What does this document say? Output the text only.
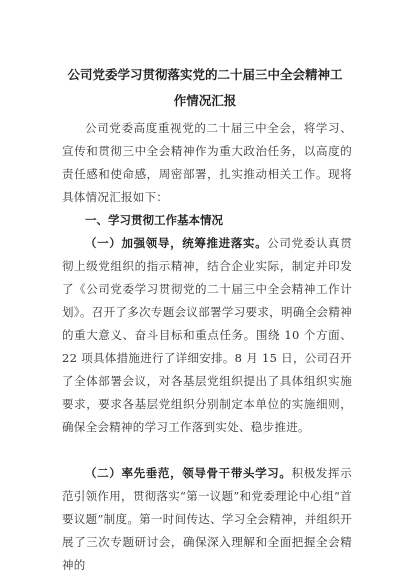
公司党委学习贯彻落实党的二十届三中全会精神工作情况汇报
公司党委高度重视党的二十届三中全会，将学习、宣传和贯彻三中全会精神作为重大政治任务，以高度的责任感和使命感，周密部署，扎实推动相关工作。现将具体情况汇报如下：
一、学习贯彻工作基本情况
（一）加强领导，统筹推进落实。公司党委认真贯彻上级党组织的指示精神，结合企业实际，制定并印发了《公司党委学习贯彻党的二十届三中全会精神工作计划》。召开了多次专题会议部署学习要求，明确全会精神的重大意义、奋斗目标和重点任务。围绕 10 个方面、22 项具体措施进行了详细安排。8 月 15 日，公司召开了全体部署会议，对各基层党组织提出了具体组织实施要求，要求各基层党组织分别制定本单位的实施细则，确保全会精神的学习工作落到实处、稳步推进。
（二）率先垂范，领导骨干带头学习。积极发挥示范引领作用，贯彻落实“第一议题”和党委理论中心组“首要议题”制度。第一时间传达、学习全会精神，并组织开展了三次专题研讨会，确保深入理解和全面把握全会精神的
